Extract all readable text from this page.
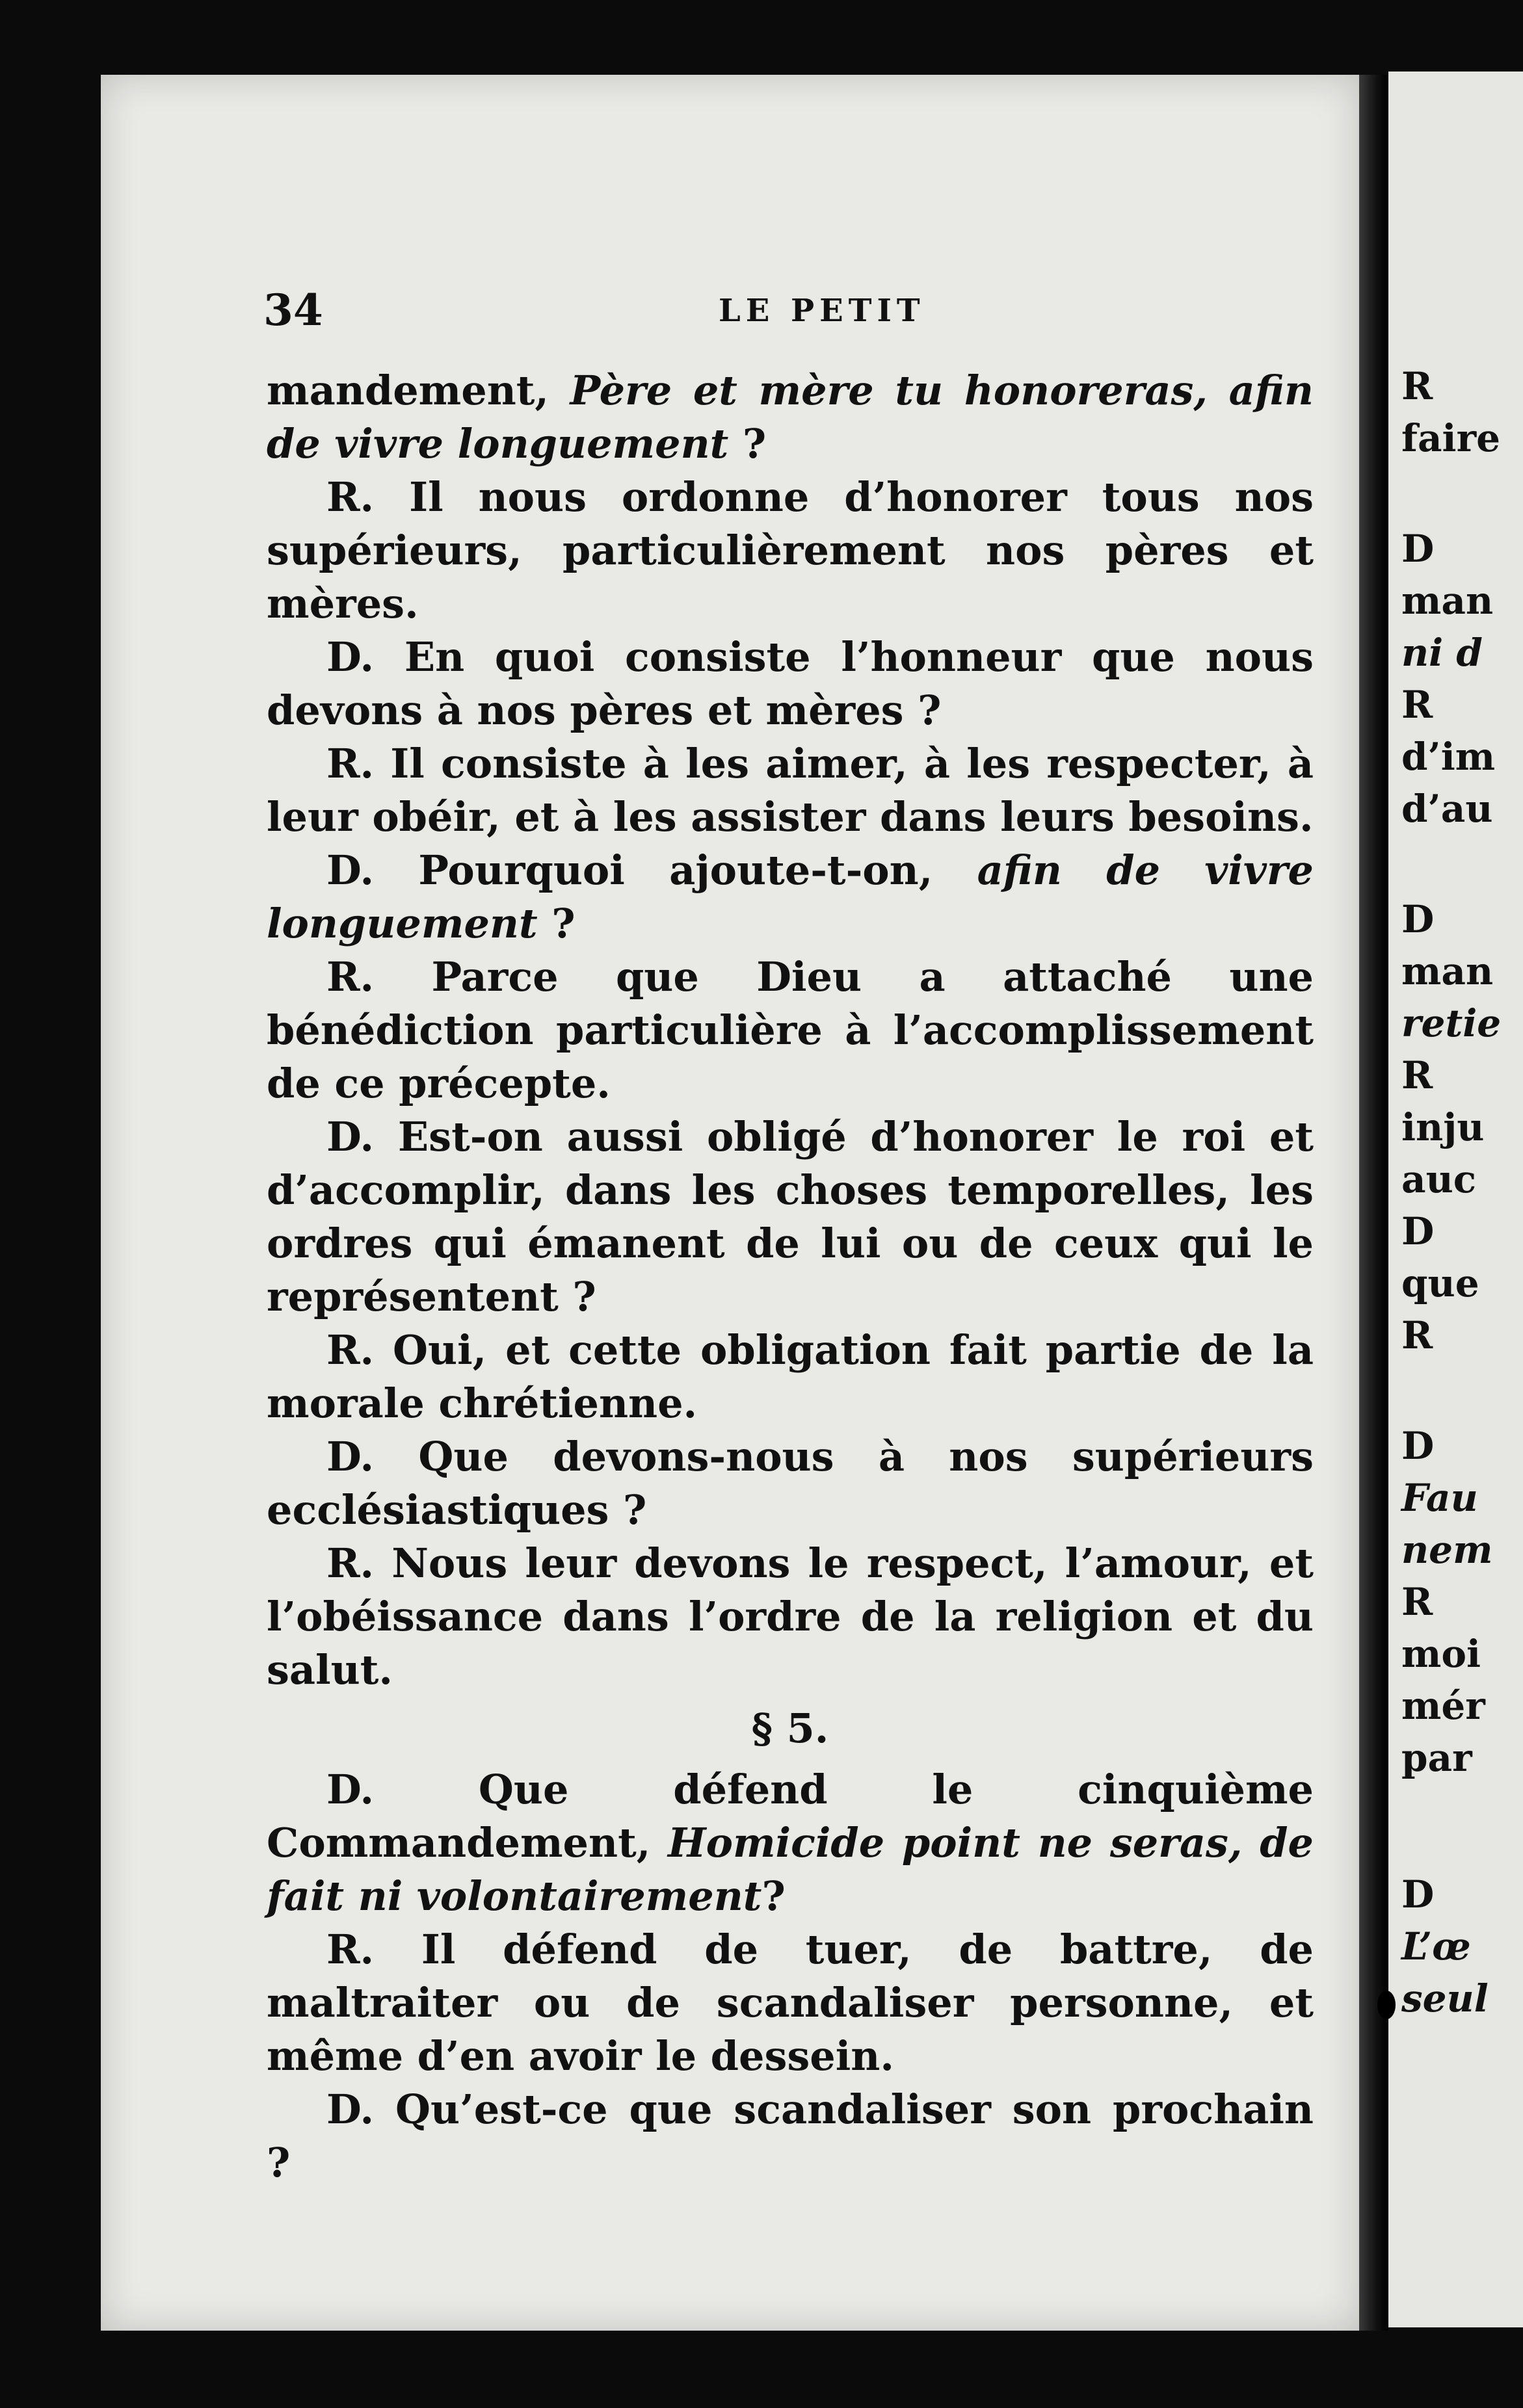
R
faire
D
man
ni d
R
d’im
d’au
D
man
retie
R
inju
auc
D
que
R
D
Fau
nem
R
moi
mér
par
D
L’œ
seul
34	LE PETIT

mandement, Père et mère tu honoreras, afin de vivre longuement ?

R. Il nous ordonne d’honorer tous nos supérieurs, particulièrement nos pères et mères.

D. En quoi consiste l’honneur que nous devons à nos pères et mères ?

R. Il consiste à les aimer, à les respecter, à leur obéir, et à les assister dans leurs besoins.

D. Pourquoi ajoute-t-on, afin de vivre longuement ?

R. Parce que Dieu a attaché une bénédiction particulière à l’accomplissement de ce précepte.

D. Est-on aussi obligé d’honorer le roi et d’accomplir, dans les choses temporelles, les ordres qui émanent de lui ou de ceux qui le représentent ?

R. Oui, et cette obligation fait partie de la morale chrétienne.

D. Que devons-nous à nos supérieurs ecclésiastiques ?

R. Nous leur devons le respect, l’amour, et l’obéissance dans l’ordre de la religion et du salut.

§ 5.

D. Que défend le cinquième Commandement, Homicide point ne seras, de fait ni volontairement?

R. Il défend de tuer, de battre, de maltraiter ou de scandaliser personne, et même d’en avoir le dessein.

D. Qu’est-ce que scandaliser son prochain ?
